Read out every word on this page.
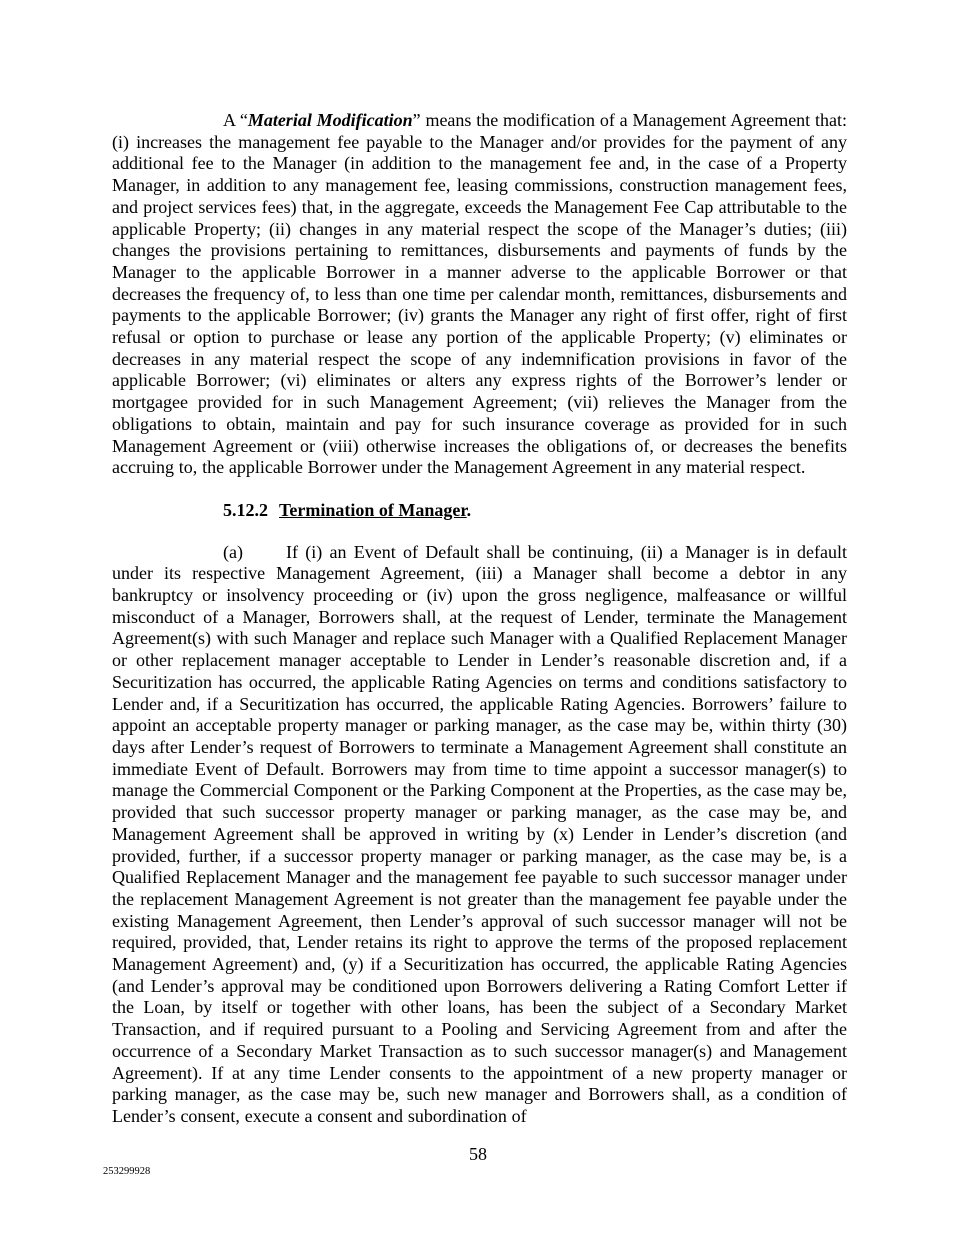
A “Material Modification” means the modification of a Management Agreement that: (i) increases the management fee payable to the Manager and/or provides for the payment of any additional fee to the Manager (in addition to the management fee and, in the case of a Property Manager, in addition to any management fee, leasing commissions, construction management fees, and project services fees) that, in the aggregate, exceeds the Management Fee Cap attributable to the applicable Property; (ii) changes in any material respect the scope of the Manager’s duties; (iii) changes the provisions pertaining to remittances, disbursements and payments of funds by the Manager to the applicable Borrower in a manner adverse to the applicable Borrower or that decreases the frequency of, to less than one time per calendar month, remittances, disbursements and payments to the applicable Borrower; (iv) grants the Manager any right of first offer, right of first refusal or option to purchase or lease any portion of the applicable Property; (v) eliminates or decreases in any material respect the scope of any indemnification provisions in favor of the applicable Borrower; (vi) eliminates or alters any express rights of the Borrower’s lender or mortgagee provided for in such Management Agreement; (vii) relieves the Manager from the obligations to obtain, maintain and pay for such insurance coverage as provided for in such Management Agreement or (viii) otherwise increases the obligations of, or decreases the benefits accruing to, the applicable Borrower under the Management Agreement in any material respect.

5.12.2 Termination of Manager.

(a) If (i) an Event of Default shall be continuing, (ii) a Manager is in default under its respective Management Agreement, (iii) a Manager shall become a debtor in any bankruptcy or insolvency proceeding or (iv) upon the gross negligence, malfeasance or willful misconduct of a Manager, Borrowers shall, at the request of Lender, terminate the Management Agreement(s) with such Manager and replace such Manager with a Qualified Replacement Manager or other replacement manager acceptable to Lender in Lender’s reasonable discretion and, if a Securitization has occurred, the applicable Rating Agencies on terms and conditions satisfactory to Lender and, if a Securitization has occurred, the applicable Rating Agencies. Borrowers’ failure to appoint an acceptable property manager or parking manager, as the case may be, within thirty (30) days after Lender’s request of Borrowers to terminate a Management Agreement shall constitute an immediate Event of Default. Borrowers may from time to time appoint a successor manager(s) to manage the Commercial Component or the Parking Component at the Properties, as the case may be, provided that such successor property manager or parking manager, as the case may be, and Management Agreement shall be approved in writing by (x) Lender in Lender’s discretion (and provided, further, if a successor property manager or parking manager, as the case may be, is a Qualified Replacement Manager and the management fee payable to such successor manager under the replacement Management Agreement is not greater than the management fee payable under the existing Management Agreement, then Lender’s approval of such successor manager will not be required, provided, that, Lender retains its right to approve the terms of the proposed replacement Management Agreement) and, (y) if a Securitization has occurred, the applicable Rating Agencies (and Lender’s approval may be conditioned upon Borrowers delivering a Rating Comfort Letter if the Loan, by itself or together with other loans, has been the subject of a Secondary Market Transaction, and if required pursuant to a Pooling and Servicing Agreement from and after the occurrence of a Secondary Market Transaction as to such successor manager(s) and Management Agreement). If at any time Lender consents to the appointment of a new property manager or parking manager, as the case may be, such new manager and Borrowers shall, as a condition of Lender’s consent, execute a consent and subordination of

58
253299928
